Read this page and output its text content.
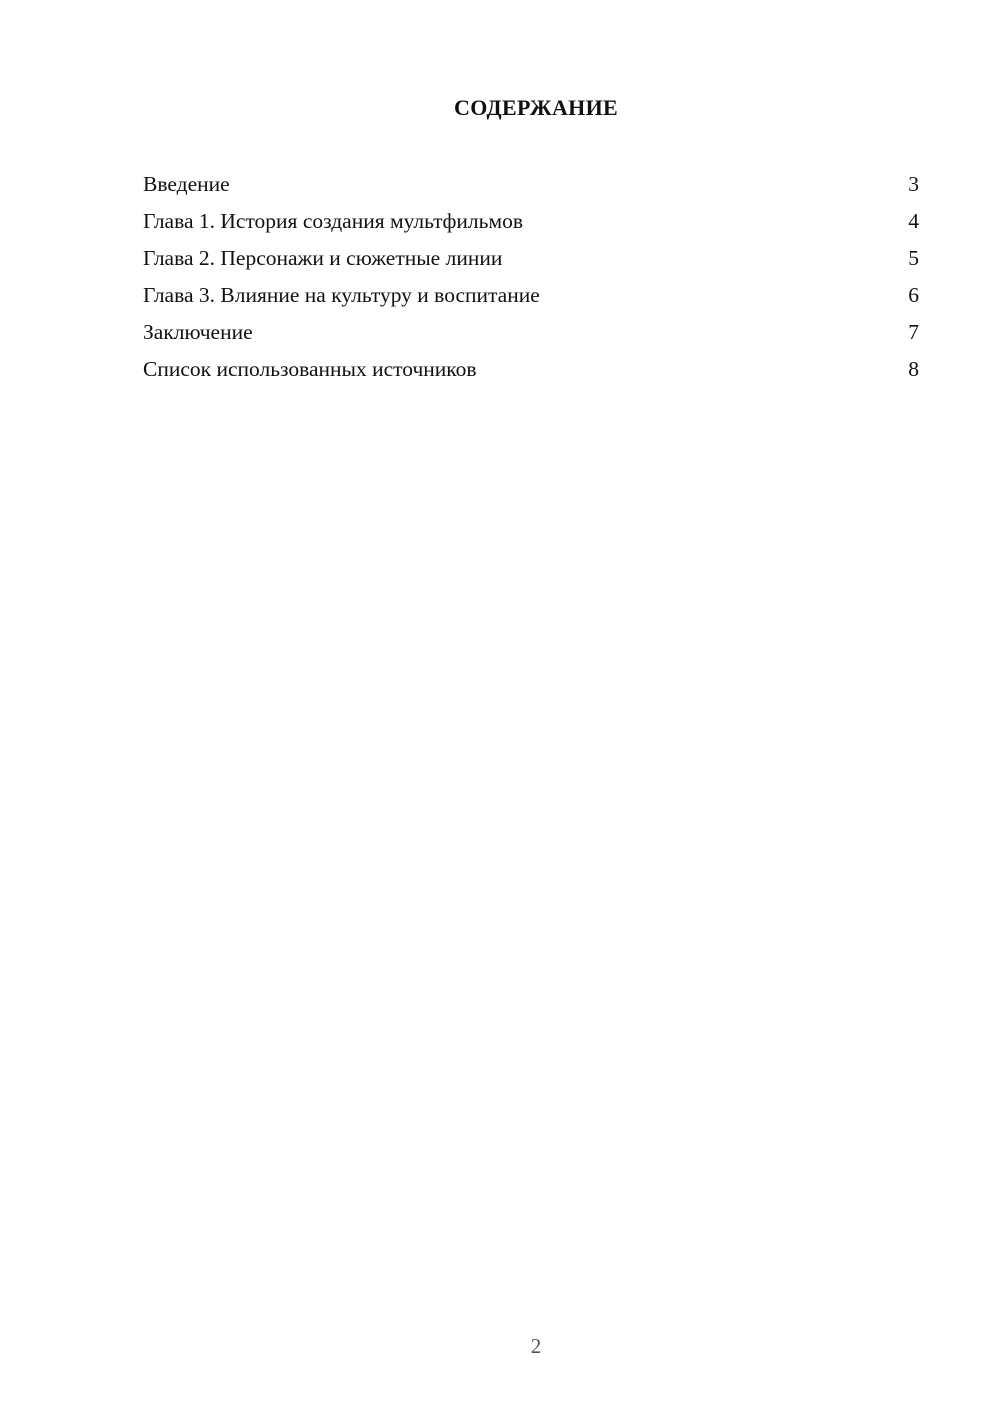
СОДЕРЖАНИЕ
Введение	3
Глава 1. История создания мультфильмов	4
Глава 2. Персонажи и сюжетные линии	5
Глава 3. Влияние на культуру и воспитание	6
Заключение	7
Список использованных источников	8
2
